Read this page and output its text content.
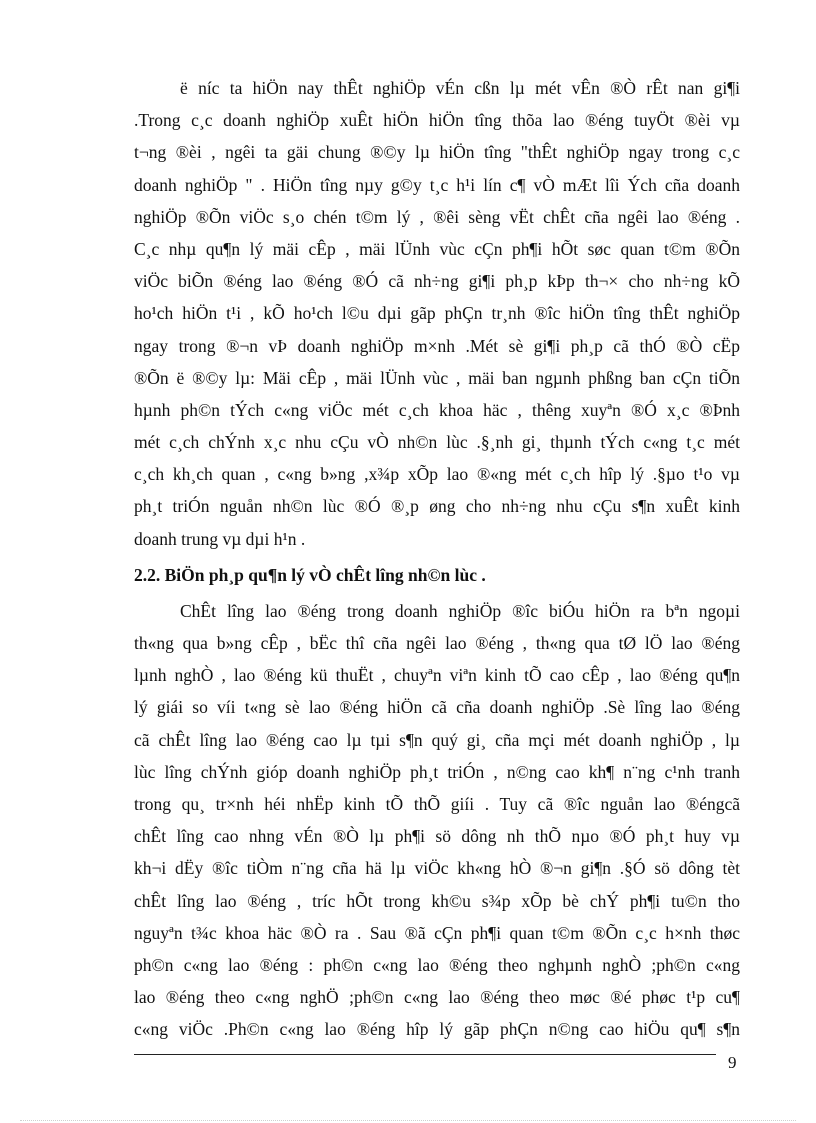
ë níc ta hiÖn nay thÊt nghiÖp vÉn cßn lµ mét vÊn ®Ò rÊt nan gi¶i
.Trong c¸c doanh nghiÖp xuÊt hiÖn hiÖn tîng thõa lao ®éng tuyÖt ®èi vµ
t¬ng ®èi , ngêi ta gäi chung ®©y lµ hiÖn tîng "thÊt nghiÖp ngay trong c¸c
doanh nghiÖp " . HiÖn tîng nµy g©y t¸c h¹i lín c¶ vÒ mÆt lîi Ých cña doanh
nghiÖp ®Õn viÖc s¸o chén t©m lý , ®êi sèng vËt chÊt cña ngêi lao ®éng .
C¸c nhµ qu¶n lý mäi cÊp , mäi lÜnh vùc cÇn ph¶i hÕt søc quan t©m ®Õn
viÖc biÕn ®éng lao ®éng ®Ó cã nh÷ng gi¶i ph¸p kÞp th¬× cho nh÷ng kÕ
ho¹ch hiÖn t¹i , kÕ ho¹ch l©u dµi gãp phÇn tr¸nh ®îc hiÖn tîng thÊt nghiÖp
ngay trong ®¬n vÞ doanh nghiÖp m×nh .Mét sè gi¶i ph¸p cã thÓ ®Ò cËp
®Õn ë ®©y lµ: Mäi cÊp , mäi lÜnh vùc , mäi ban ngµnh phßng ban cÇn tiÕn
hµnh ph©n tÝch c«ng viÖc mét c¸ch khoa häc , thêng xuyªn ®Ó x¸c ®Þnh
mét c¸ch chÝnh x¸c nhu cÇu vÒ nh©n lùc .§¸nh gi¸ thµnh tÝch c«ng t¸c mét
c¸ch kh¸ch quan , c«ng b»ng ,x¾p xÕp lao ®«ng mét c¸ch hîp lý .§µo t¹o vµ
ph¸t triÓn nguån nh©n lùc ®Ó ®¸p øng cho nh÷ng nhu cÇu s¶n xuÊt kinh
doanh trung vµ dµi h¹n .
2.2. BiÖn ph¸p qu¶n lý vÒ chÊt lîng nh©n lùc .
ChÊt lîng lao ®éng trong doanh nghiÖp ®îc biÓu hiÖn ra bªn ngoµi
th«ng qua b»ng cÊp , bËc thî cña ngêi lao ®éng , th«ng qua tØ lÖ lao ®éng
lµnh nghÒ , lao ®éng kü thuËt , chuyªn viªn kinh tÕ cao cÊp , lao ®éng qu¶n
lý giái so víi t«ng sè lao ®éng hiÖn cã cña doanh nghiÖp .Sè lîng lao ®éng
cã chÊt lîng lao ®éng cao lµ tµi s¶n quý gi¸ cña mçi mét doanh nghiÖp , lµ
lùc lîng chÝnh gióp doanh nghiÖp ph¸t triÓn , n©ng cao kh¶ n¨ng c¹nh tranh
trong qu¸ tr×nh héi nhËp kinh tÕ thÕ giíi . Tuy cã ®îc nguån lao ®éngcã
chÊt lîng cao nhng vÉn ®Ò lµ ph¶i sö dông nh thÕ nµo ®Ó ph¸t huy vµ
kh¬i dËy ®îc tiÒm n¨ng cña hä lµ viÖc kh«ng hÒ ®¬n gi¶n .§Ó sö dông tèt
chÊt lîng lao ®éng , tríc hÕt trong kh©u s¾p xÕp bè chÝ ph¶i tu©n tho
nguyªn t¾c khoa häc ®Ò ra . Sau ®ã cÇn ph¶i quan t©m ®Õn c¸c h×nh thøc
ph©n c«ng lao ®éng : ph©n c«ng lao ®éng theo nghµnh nghÒ ;ph©n c«ng
lao ®éng theo c«ng nghÖ ;ph©n c«ng lao ®éng theo møc ®é phøc t¹p cu¶
c«ng viÖc .Ph©n c«ng lao ®éng hîp lý gãp phÇn n©ng cao hiÖu qu¶ s¶n
9
